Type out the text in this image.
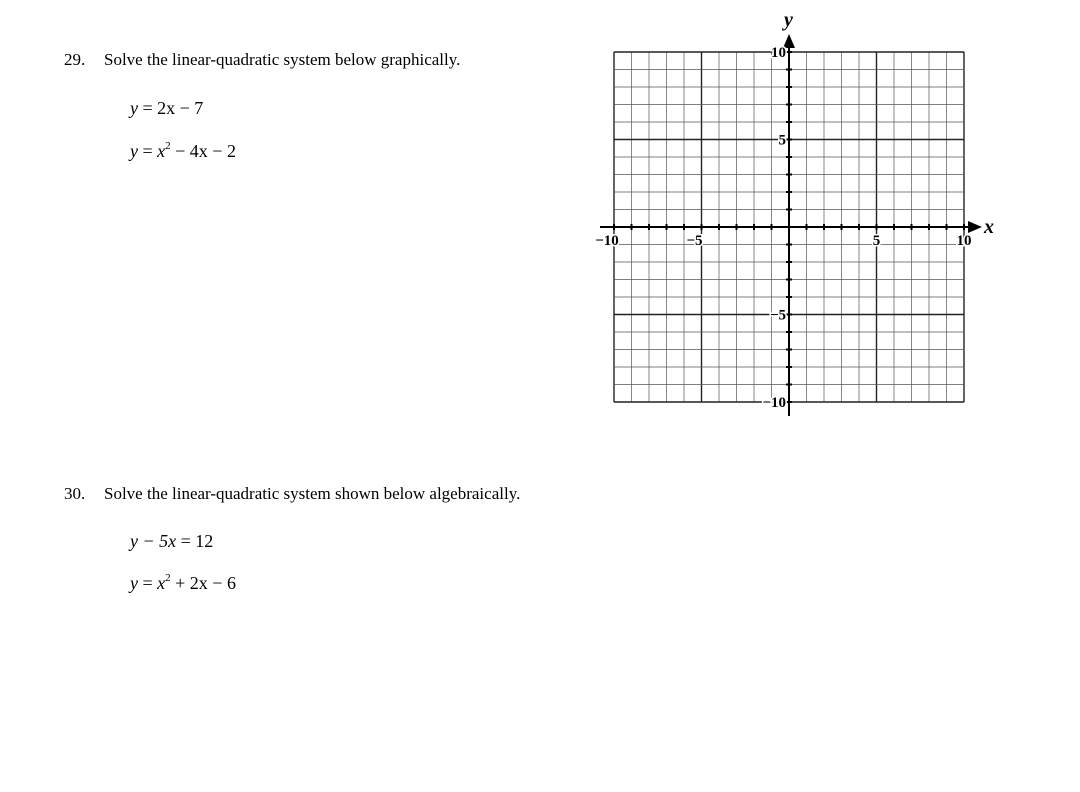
29. Solve the linear-quadratic system below graphically.
y = 2x − 7
$y = x^2 - 4x - 2$
x
y
−10	−5	5	10
10
5
−5
−10
30. Solve the linear-quadratic system shown below algebraically.
y − 5x = 12
$y = x^2 + 2x - 6$
